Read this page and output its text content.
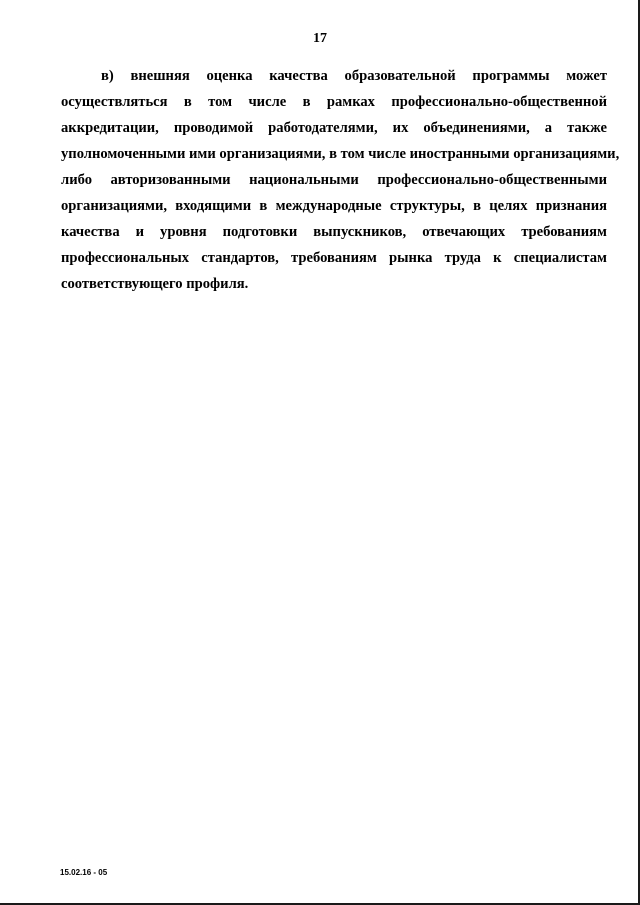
17

в) внешняя оценка качества образовательной программы может
осуществляться в том числе в рамках профессионально-общественной
аккредитации, проводимой работодателями, их объединениями, а также
уполномоченными ими организациями, в том числе иностранными организациями,
либо авторизованными национальными профессионально-общественными
организациями, входящими в международные структуры, в целях признания
качества и уровня подготовки выпускников, отвечающих требованиям
профессиональных стандартов, требованиям рынка труда к специалистам
соответствующего профиля.

15.02.16 - 05
